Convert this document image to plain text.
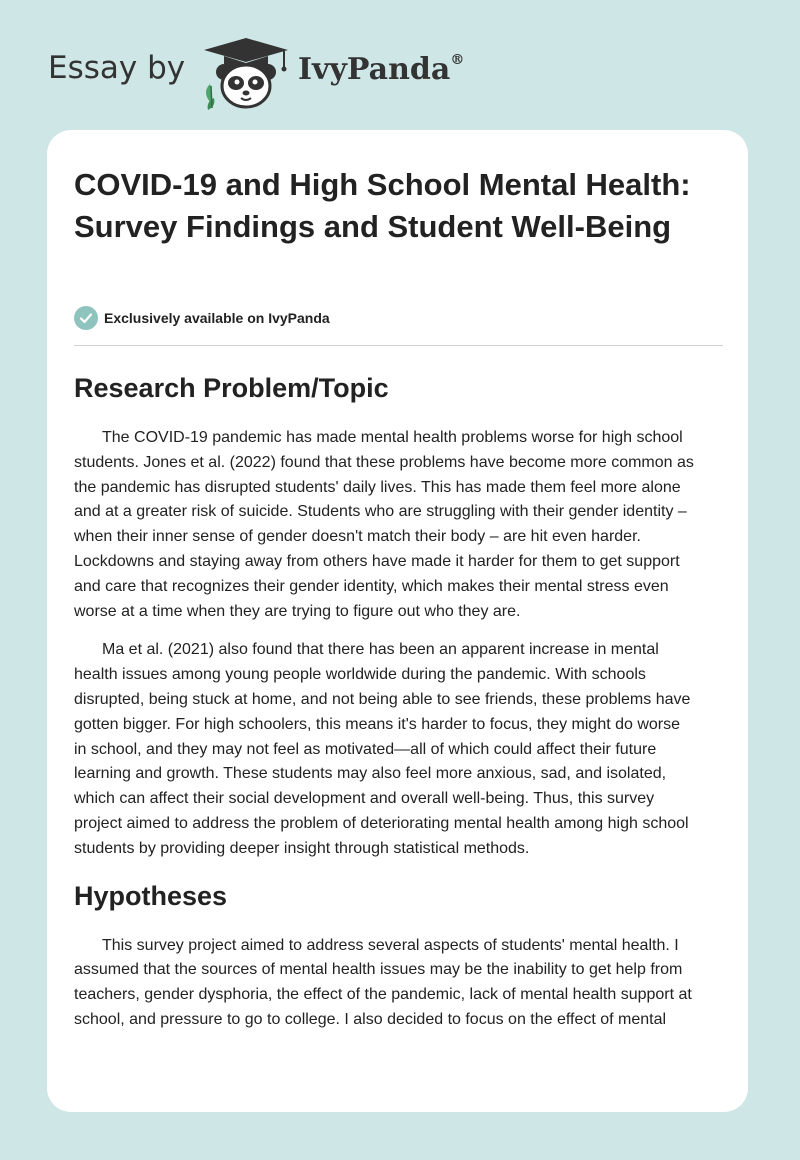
Essay by	IvyPanda®
COVID-19 and High School Mental Health: Survey Findings and Student Well-Being
Exclusively available on IvyPanda
Research Problem/Topic

The COVID-19 pandemic has made mental health problems worse for high school
students. Jones et al. (2022) found that these problems have become more common as
the pandemic has disrupted students' daily lives. This has made them feel more alone
and at a greater risk of suicide. Students who are struggling with their gender identity –
when their inner sense of gender doesn't match their body – are hit even harder.
Lockdowns and staying away from others have made it harder for them to get support
and care that recognizes their gender identity, which makes their mental stress even
worse at a time when they are trying to figure out who they are.

Ma et al. (2021) also found that there has been an apparent increase in mental
health issues among young people worldwide during the pandemic. With schools
disrupted, being stuck at home, and not being able to see friends, these problems have
gotten bigger. For high schoolers, this means it's harder to focus, they might do worse
in school, and they may not feel as motivated—all of which could affect their future
learning and growth. These students may also feel more anxious, sad, and isolated,
which can affect their social development and overall well-being. Thus, this survey
project aimed to address the problem of deteriorating mental health among high school
students by providing deeper insight through statistical methods.

Hypotheses

This survey project aimed to address several aspects of students' mental health. I
assumed that the sources of mental health issues may be the inability to get help from
teachers, gender dysphoria, the effect of the pandemic, lack of mental health support at
school, and pressure to go to college. I also decided to focus on the effect of mental
